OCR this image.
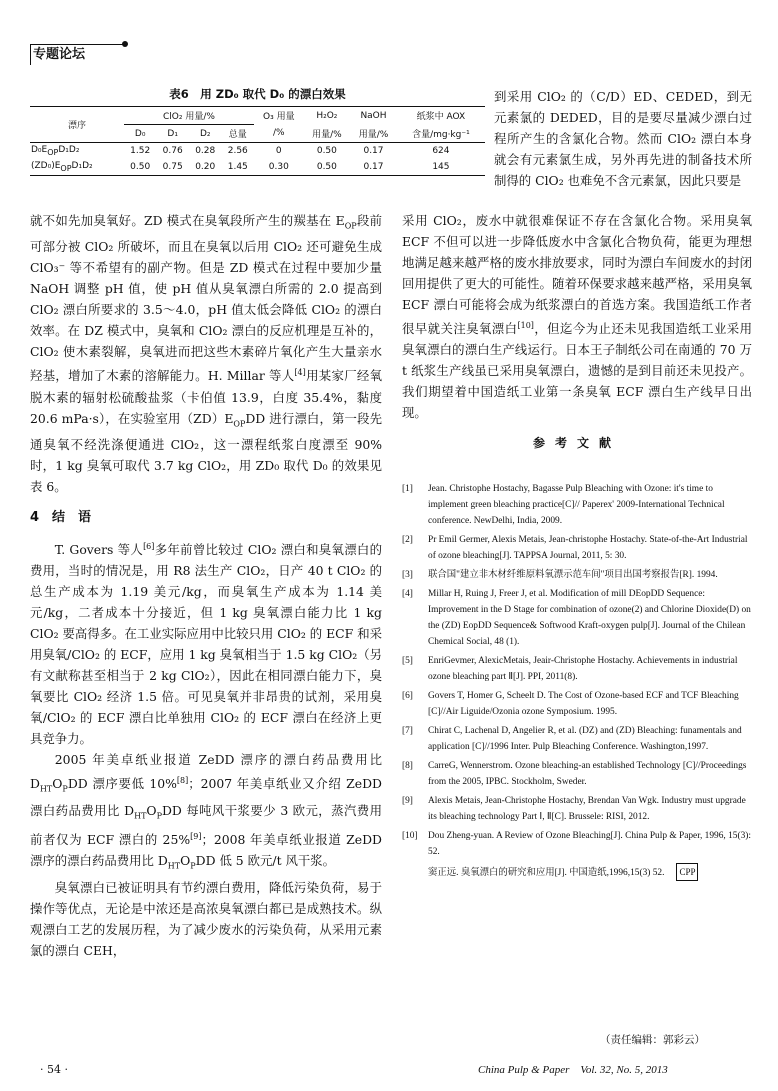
专题论坛
表6　用 ZD₀ 取代 D₀ 的漂白效果
漂序	ClO₂ 用量/%				O₃ 用量	H₂O₂	NaOH	纸浆中 AOX
	D₀	D₁	D₂	总量	/%	用量/%	用量/%	含量/mg·kg⁻¹
$D_0E_{OP}D_1D_2$	1.52	0.76	0.28	2.56	0	0.50	0.17	624
$(ZD_0)E_{OP}D_1D_2$	0.50	0.75	0.20	1.45	0.30	0.50	0.17	145

到采用 ClO₂ 的（C/D）ED、CEDED，到无元素氯的 DEDED，目的是要尽量减少漂白过程所产生的含氯化合物。然而 ClO₂ 漂白本身就会有元素氯生成，另外再先进的制备技术所制得的 ClO₂ 也难免不含元素氯，因此只要是

就不如先加臭氧好。ZD 模式在臭氧段所产生的羰基在 $E_{OP}$段前可部分被 ClO₂ 所破坏，而且在臭氧以后用 ClO₂ 还可避免生成 ClO₃⁻ 等不希望有的副产物。但是 ZD 模式在过程中要加少量 NaOH 调整 pH 值，使 pH 值从臭氧漂白所需的 2.0 提高到 ClO₂ 漂白所要求的 3.5～4.0，pH 值太低会降低 ClO₂ 的漂白效率。在 DZ 模式中，臭氧和 ClO₂ 漂白的反应机理是互补的，ClO₂ 使木素裂解，臭氧进而把这些木素碎片氧化产生大量亲水羟基，增加了木素的溶解能力。H. Millar 等人[4]用某家厂经氧脱木素的辐射松硫酸盐浆（卡伯值 13.9，白度 35.4%，黏度 20.6 mPa·s），在实验室用$(ZD)E_{OP}DD$ 进行漂白，第一段先通臭氧不经洗涤便通进 ClO₂，这一漂程纸浆白度漂至 90% 时，1 kg 臭氧可取代 3.7 kg ClO₂，用 ZD₀ 取代 D₀ 的效果见表 6。

4　结　语

T. Govers 等人[6]多年前曾比较过 ClO₂ 漂白和臭氧漂白的费用，当时的情况是，用 R8 法生产 ClO₂，日产 40 t ClO₂ 的总生产成本为 1.19 美元/kg，而臭氧生产成本为 1.14 美元/kg，二者成本十分接近，但 1 kg 臭氧漂白能力比 1 kg ClO₂ 要高得多。在工业实际应用中比较只用 ClO₂ 的 ECF 和采用臭氧/ClO₂ 的 ECF，应用 1 kg 臭氧相当于 1.5 kg ClO₂（另有文献称甚至相当于 2 kg ClO₂），因此在相同漂白能力下，臭氧要比 ClO₂ 经济 1.5 倍。可见臭氧并非昂贵的试剂，采用臭氧/ClO₂ 的 ECF 漂白比单独用 ClO₂ 的 ECF 漂白在经济上更具竞争力。

2005 年美卓纸业报道 ZeDD 漂序的漂白药品费用比 $D_{HT}O_PDD$ 漂序要低 10%[8]；2007 年美卓纸业又介绍 ZeDD 漂白药品费用比 $D_{HT}O_PDD$ 每吨风干浆要少 3 欧元，蒸汽费用前者仅为 ECF 漂白的 25%[9]；2008 年美卓纸业报道 ZeDD 漂序的漂白药品费用比 $D_{HT}O_PDD$ 低 5 欧元/t 风干浆。

臭氧漂白已被证明具有节约漂白费用，降低污染负荷，易于操作等优点，无论是中浓还是高浓臭氧漂白都已是成熟技术。纵观漂白工艺的发展历程，为了减少废水的污染负荷，从采用元素氯的漂白 CEH，

采用 ClO₂，废水中就很难保证不存在含氯化合物。采用臭氧 ECF 不但可以进一步降低废水中含氯化合物负荷，能更为理想地满足越来越严格的废水排放要求，同时为漂白车间废水的封闭回用提供了更大的可能性。随着环保要求越来越严格，采用臭氧 ECF 漂白可能将会成为纸浆漂白的首选方案。我国造纸工作者很早就关注臭氧漂白[10]，但迄今为止还未见我国造纸工业采用臭氧漂白的漂白生产线运行。日本王子制纸公司在南通的 70 万 t 纸浆生产线虽已采用臭氧漂白，遗憾的是到目前还未见投产。我们期望着中国造纸工业第一条臭氧 ECF 漂白生产线早日出现。

参考文献
[1]	Jean. Christophe Hostachy, Bagasse Pulp Bleaching with Ozone: it's time to implement green bleaching practice[C]// Paperex' 2009-International Technical conference. NewDelhi, India, 2009.
[2]	Pr Emil Germer, Alexis Metais, Jean-christophe Hostachy. State-of-the-Art Industrial of ozone bleaching[J]. TAPPSA Journal, 2011, 5: 30.
[3]	联合国"建立非木材纤维原料氧漂示范车间"项目出国考察报告[R]. 1994.
[4]	Millar H, Ruing J, Freer J, et al. Modification of mill DEopDD Sequence: Improvement in the D Stage for combination of ozone(2) and Chlorine Dioxide(D) on the (ZD) EopDD Sequence& Softwood Kraft-oxygen pulp[J]. Journal of the Chilean Chemical Social, 48 (1).
[5]	EnriGevmer, AlexicMetais, Jeair-Christophe Hostachy. Achievements in industrial ozone bleaching part Ⅱ[J]. PPI, 2011(8).
[6]	Govers T, Homer G, Scheelt D. The Cost of Ozone-based ECF and TCF Bleaching [C]//Air Liguide/Ozonia ozone Symposium. 1995.
[7]	Chirat C, Lachenal D, Angelier R, et al. (DZ) and (ZD) Bleaching: funamentals and application [C]//1996 Inter. Pulp Bleaching Conference. Washington,1997.
[8]	CarreG, Wennerstrom. Ozone bleaching-an established Technology [C]//Proceedings from the 2005, IPBC. Stockholm, Sweder.
[9]	Alexis Metais, Jean-Christophe Hostachy, Brendan Van Wgk. Industry must upgrade its bleaching technology Part Ⅰ, Ⅱ[C]. Brussele: RISI, 2012.
[10]	Dou Zheng-yuan. A Review of Ozone Bleaching[J]. China Pulp & Paper, 1996, 15(3): 52.
窦正远. 臭氧漂白的研究和应用[J]. 中国造纸,1996,15(3) 52. CPP
（责任编辑：郭彩云）
· 54 ·	China Pulp & Paper　Vol. 32, No. 5, 2013
